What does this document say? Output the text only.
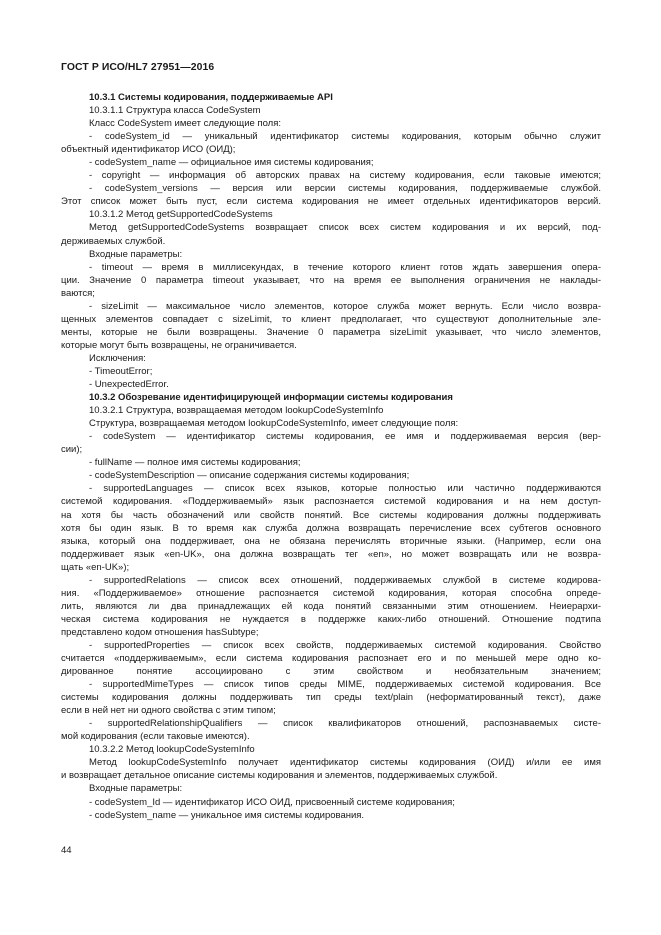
ГОСТ Р ИСО/HL7 27951—2016
10.3.1 Системы кодирования, поддерживаемые API
10.3.1.1 Структура класса CodeSystem
Класс CodeSystem имеет следующие поля:
- codeSystem_id — уникальный идентификатор системы кодирования, которым обычно служит
объектный идентификатор ИСО (ОИД);
- codeSystem_name — официальное имя системы кодирования;
- copyright — информация об авторских правах на систему кодирования, если таковые имеются;
- codeSystem_versions — версия или версии системы кодирования, поддерживаемые службой.
Этот список может быть пуст, если система кодирования не имеет отдельных идентификаторов версий.
10.3.1.2 Метод getSupportedCodeSystems
Метод getSupportedCodeSystems возвращает список всех систем кодирования и их версий, под-
держиваемых службой.
Входные параметры:
- timeout — время в миллисекундах, в течение которого клиент готов ждать завершения опера-
ции. Значение 0 параметра timeout указывает, что на время ее выполнения ограничения не наклады-
ваются;
- sizeLimit — максимальное число элементов, которое служба может вернуть. Если число возвра-
щенных элементов совпадает с sizeLimit, то клиент предполагает, что существуют дополнительные эле-
менты, которые не были возвращены. Значение 0 параметра sizeLimit указывает, что число элементов,
которые могут быть возвращены, не ограничивается.
Исключения:
- TimeoutError;
- UnexpectedError.
10.3.2 Обозревание идентифицирующей информации системы кодирования
10.3.2.1 Структура, возвращаемая методом lookupCodeSystemInfo
Структура, возвращаемая методом lookupCodeSystemInfo, имеет следующие поля:
- codeSystem — идентификатор системы кодирования, ее имя и поддерживаемая версия (вер-
сии);
- fullName — полное имя системы кодирования;
- codeSystemDescription — описание содержания системы кодирования;
- supportedLanguages — список всех языков, которые полностью или частично поддерживаются
системой кодирования. «Поддерживаемый» язык распознается системой кодирования и на нем доступ-
на хотя бы часть обозначений или свойств понятий. Все системы кодирования должны поддерживать
хотя бы один язык. В то время как служба должна возвращать перечисление всех субтегов основного
языка, который она поддерживает, она не обязана перечислять вторичные языки. (Например, если она
поддерживает язык «en-UK», она должна возвращать тег «en», но может возвращать или не возвра-
щать «en-UK»);
- supportedRelations — список всех отношений, поддерживаемых службой в системе кодирова-
ния. «Поддерживаемое» отношение распознается системой кодирования, которая способна опреде-
лить, являются ли два принадлежащих ей кода понятий связанными этим отношением. Неиерархи-
ческая система кодирования не нуждается в поддержке каких-либо отношений. Отношение подтипа
представлено кодом отношения hasSubtype;
- supportedProperties — список всех свойств, поддерживаемых системой кодирования. Свойство
считается «поддерживаемым», если система кодирования распознает его и по меньшей мере одно ко-
дированное понятие ассоциировано с этим свойством и необязательным значением;
- supportedMimeTypes — список типов среды MIME, поддерживаемых системой кодирования. Все
системы кодирования должны поддерживать тип среды text/plain (неформатированный текст), даже
если в ней нет ни одного свойства с этим типом;
- supportedRelationshipQualifiers — список квалификаторов отношений, распознаваемых систе-
мой кодирования (если таковые имеются).
10.3.2.2 Метод lookupCodeSystemInfo
Метод lookupCodeSystemInfo получает идентификатор системы кодирования (ОИД) и/или ее имя
и возвращает детальное описание системы кодирования и элементов, поддерживаемых службой.
Входные параметры:
- codeSystem_Id — идентификатор ИСО ОИД, присвоенный системе кодирования;
- codeSystem_name — уникальное имя системы кодирования.
44
